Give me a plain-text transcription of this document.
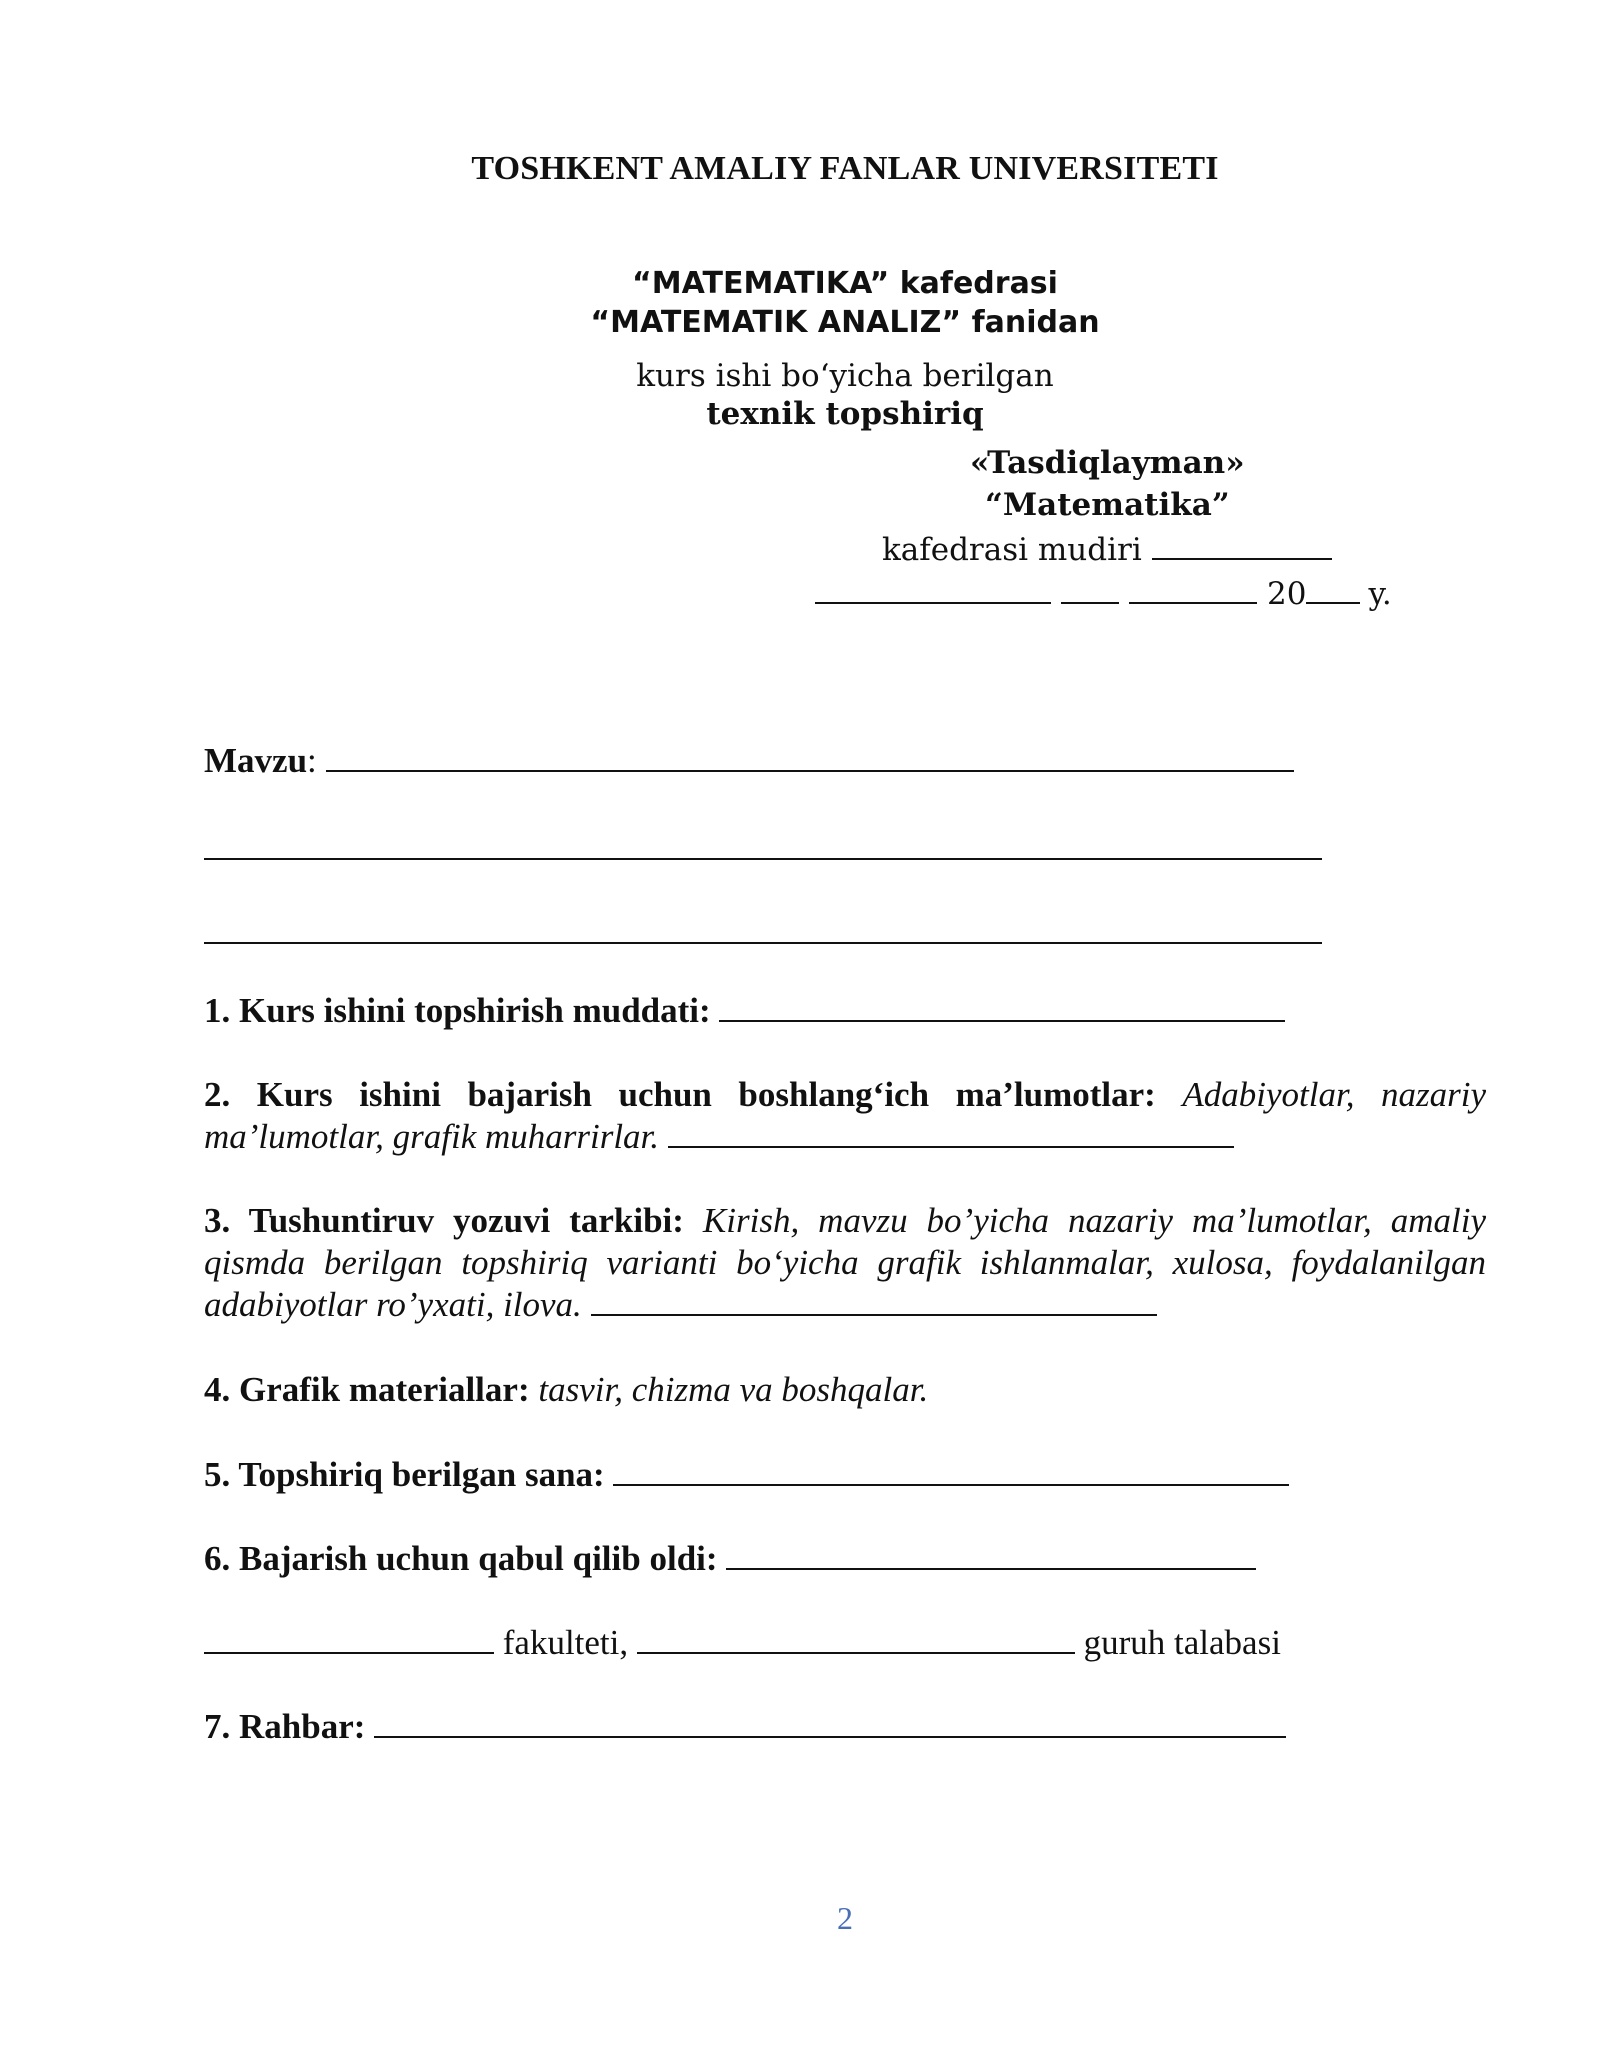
TOSHKENT AMALIY FANLAR UNIVERSITETI
“MATEMATIKA” kafedrasi
“MATEMATIK ANALIZ” fanidan
kurs ishi boʻyicha berilgan
texnik topshiriq
«Tasdiqlayman»
“Matematika”
kafedrasi mudiri
20 y.
Mavzu:
1. Kurs ishini topshirish muddati:
2. Kurs ishini bajarish uchun boshlang‘ich ma’lumotlar: Adabiyotlar, nazariy ma’lumotlar, grafik muharrirlar.
3. Tushuntiruv yozuvi tarkibi: Kirish, mavzu bo’yicha nazariy ma’lumotlar, amaliy qismda berilgan topshiriq varianti boʻyicha grafik ishlanmalar, xulosa, foydalanilgan adabiyotlar ro’yxati, ilova.
4. Grafik materiallar: tasvir, chizma va boshqalar.
5. Topshiriq berilgan sana:
6. Bajarish uchun qabul qilib oldi:
fakulteti,	guruh talabasi
7. Rahbar:
2
